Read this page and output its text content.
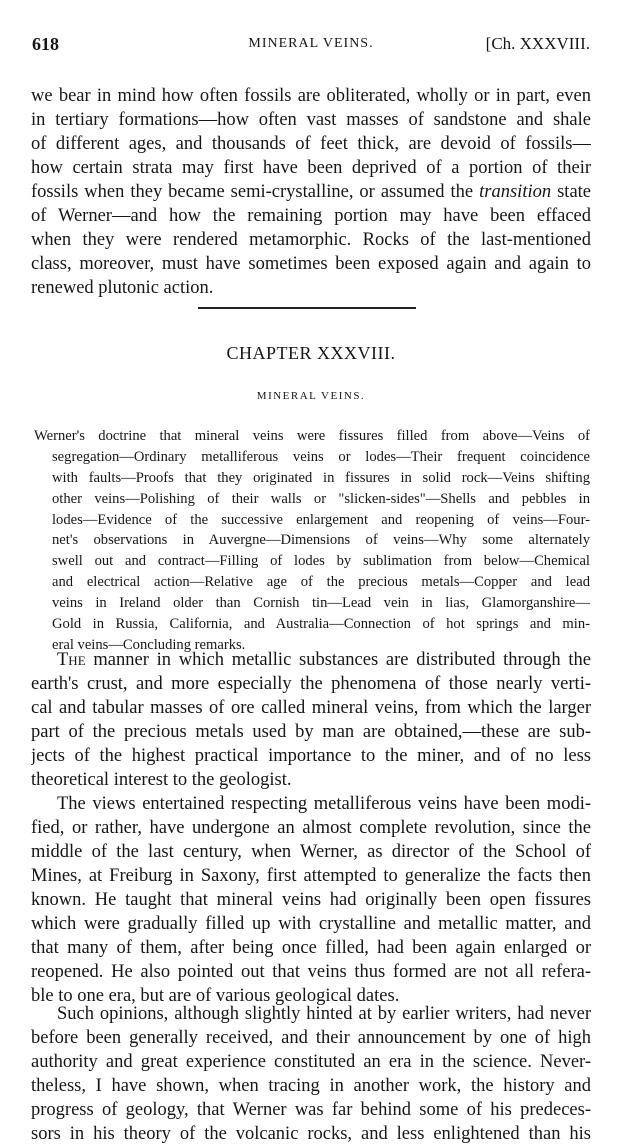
618	MINERAL VEINS.	[Ch. XXXVIII.
we bear in mind how often fossils are obliterated, wholly or in part, even
in tertiary formations—how often vast masses of sandstone and shale
of different ages, and thousands of feet thick, are devoid of fossils—
how certain strata may first have been deprived of a portion of their
fossils when they became semi-crystalline, or assumed the transition state
of Werner—and how the remaining portion may have been effaced
when they were rendered metamorphic. Rocks of the last-mentioned
class, moreover, must have sometimes been exposed again and again to
renewed plutonic action.
CHAPTER XXXVIII.
MINERAL VEINS.
Werner's doctrine that mineral veins were fissures filled from above—Veins of
segregation—Ordinary metalliferous veins or lodes—Their frequent coincidence
with faults—Proofs that they originated in fissures in solid rock—Veins shifting
other veins—Polishing of their walls or "slicken-sides"—Shells and pebbles in
lodes—Evidence of the successive enlargement and reopening of veins—Four-
net's observations in Auvergne—Dimensions of veins—Why some alternately
swell out and contract—Filling of lodes by sublimation from below—Chemical
and electrical action—Relative age of the precious metals—Copper and lead
veins in Ireland older than Cornish tin—Lead vein in lias, Glamorganshire—
Gold in Russia, California, and Australia—Connection of hot springs and min-
eral veins—Concluding remarks.
The manner in which metallic substances are distributed through the
earth's crust, and more especially the phenomena of those nearly verti-
cal and tabular masses of ore called mineral veins, from which the larger
part of the precious metals used by man are obtained,—these are sub-
jects of the highest practical importance to the miner, and of no less
theoretical interest to the geologist.
The views entertained respecting metalliferous veins have been modi-
fied, or rather, have undergone an almost complete revolution, since the
middle of the last century, when Werner, as director of the School of
Mines, at Freiburg in Saxony, first attempted to generalize the facts then
known. He taught that mineral veins had originally been open fissures
which were gradually filled up with crystalline and metallic matter, and
that many of them, after being once filled, had been again enlarged or
reopened. He also pointed out that veins thus formed are not all refera-
ble to one era, but are of various geological dates.
Such opinions, although slightly hinted at by earlier writers, had never
before been generally received, and their announcement by one of high
authority and great experience constituted an era in the science. Never-
theless, I have shown, when tracing in another work, the history and
progress of geology, that Werner was far behind some of his predeces-
sors in his theory of the volcanic rocks, and less enlightened than his
